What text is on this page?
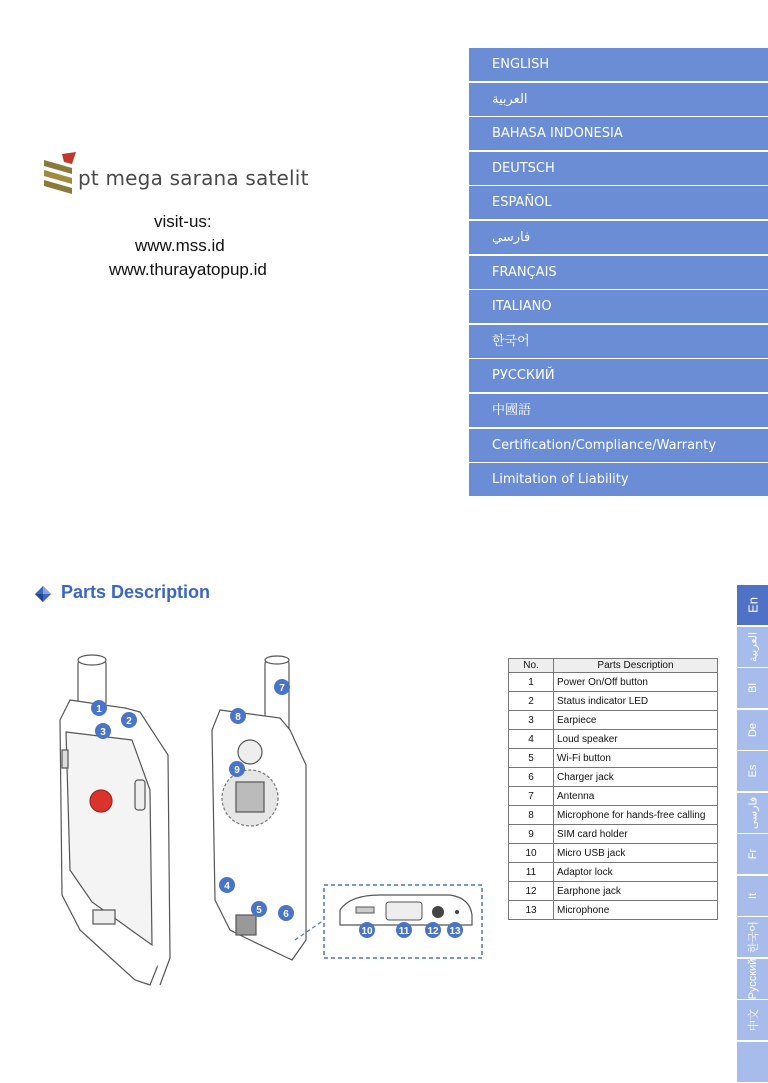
pt mega sarana satelit
visit-us:
www.mss.id
www.thurayatopup.id
ENGLISH
العربية
BAHASA INDONESIA
DEUTSCH
ESPAÑOL
فارسي
FRANÇAIS
ITALIANO
한국어
РУССКИЙ
中國語
Certification/Compliance/Warranty
Limitation of Liability
Parts Description
En
العربية
Bl
De
Es
فارسی
Fr
It
한국어
Русский
中文
No.	Parts Description
1	Power On/Off button
2	Status indicator LED
3	Earpiece
4	Loud speaker
5	Wi-Fi button
6	Charger jack
7	Antenna
8	Microphone for hands-free calling
9	SIM card holder
10	Micro USB jack
11	Adaptor lock
12	Earphone jack
13	Microphone
1
2
3
4
5 6
7
8
9
10	11 12 13
